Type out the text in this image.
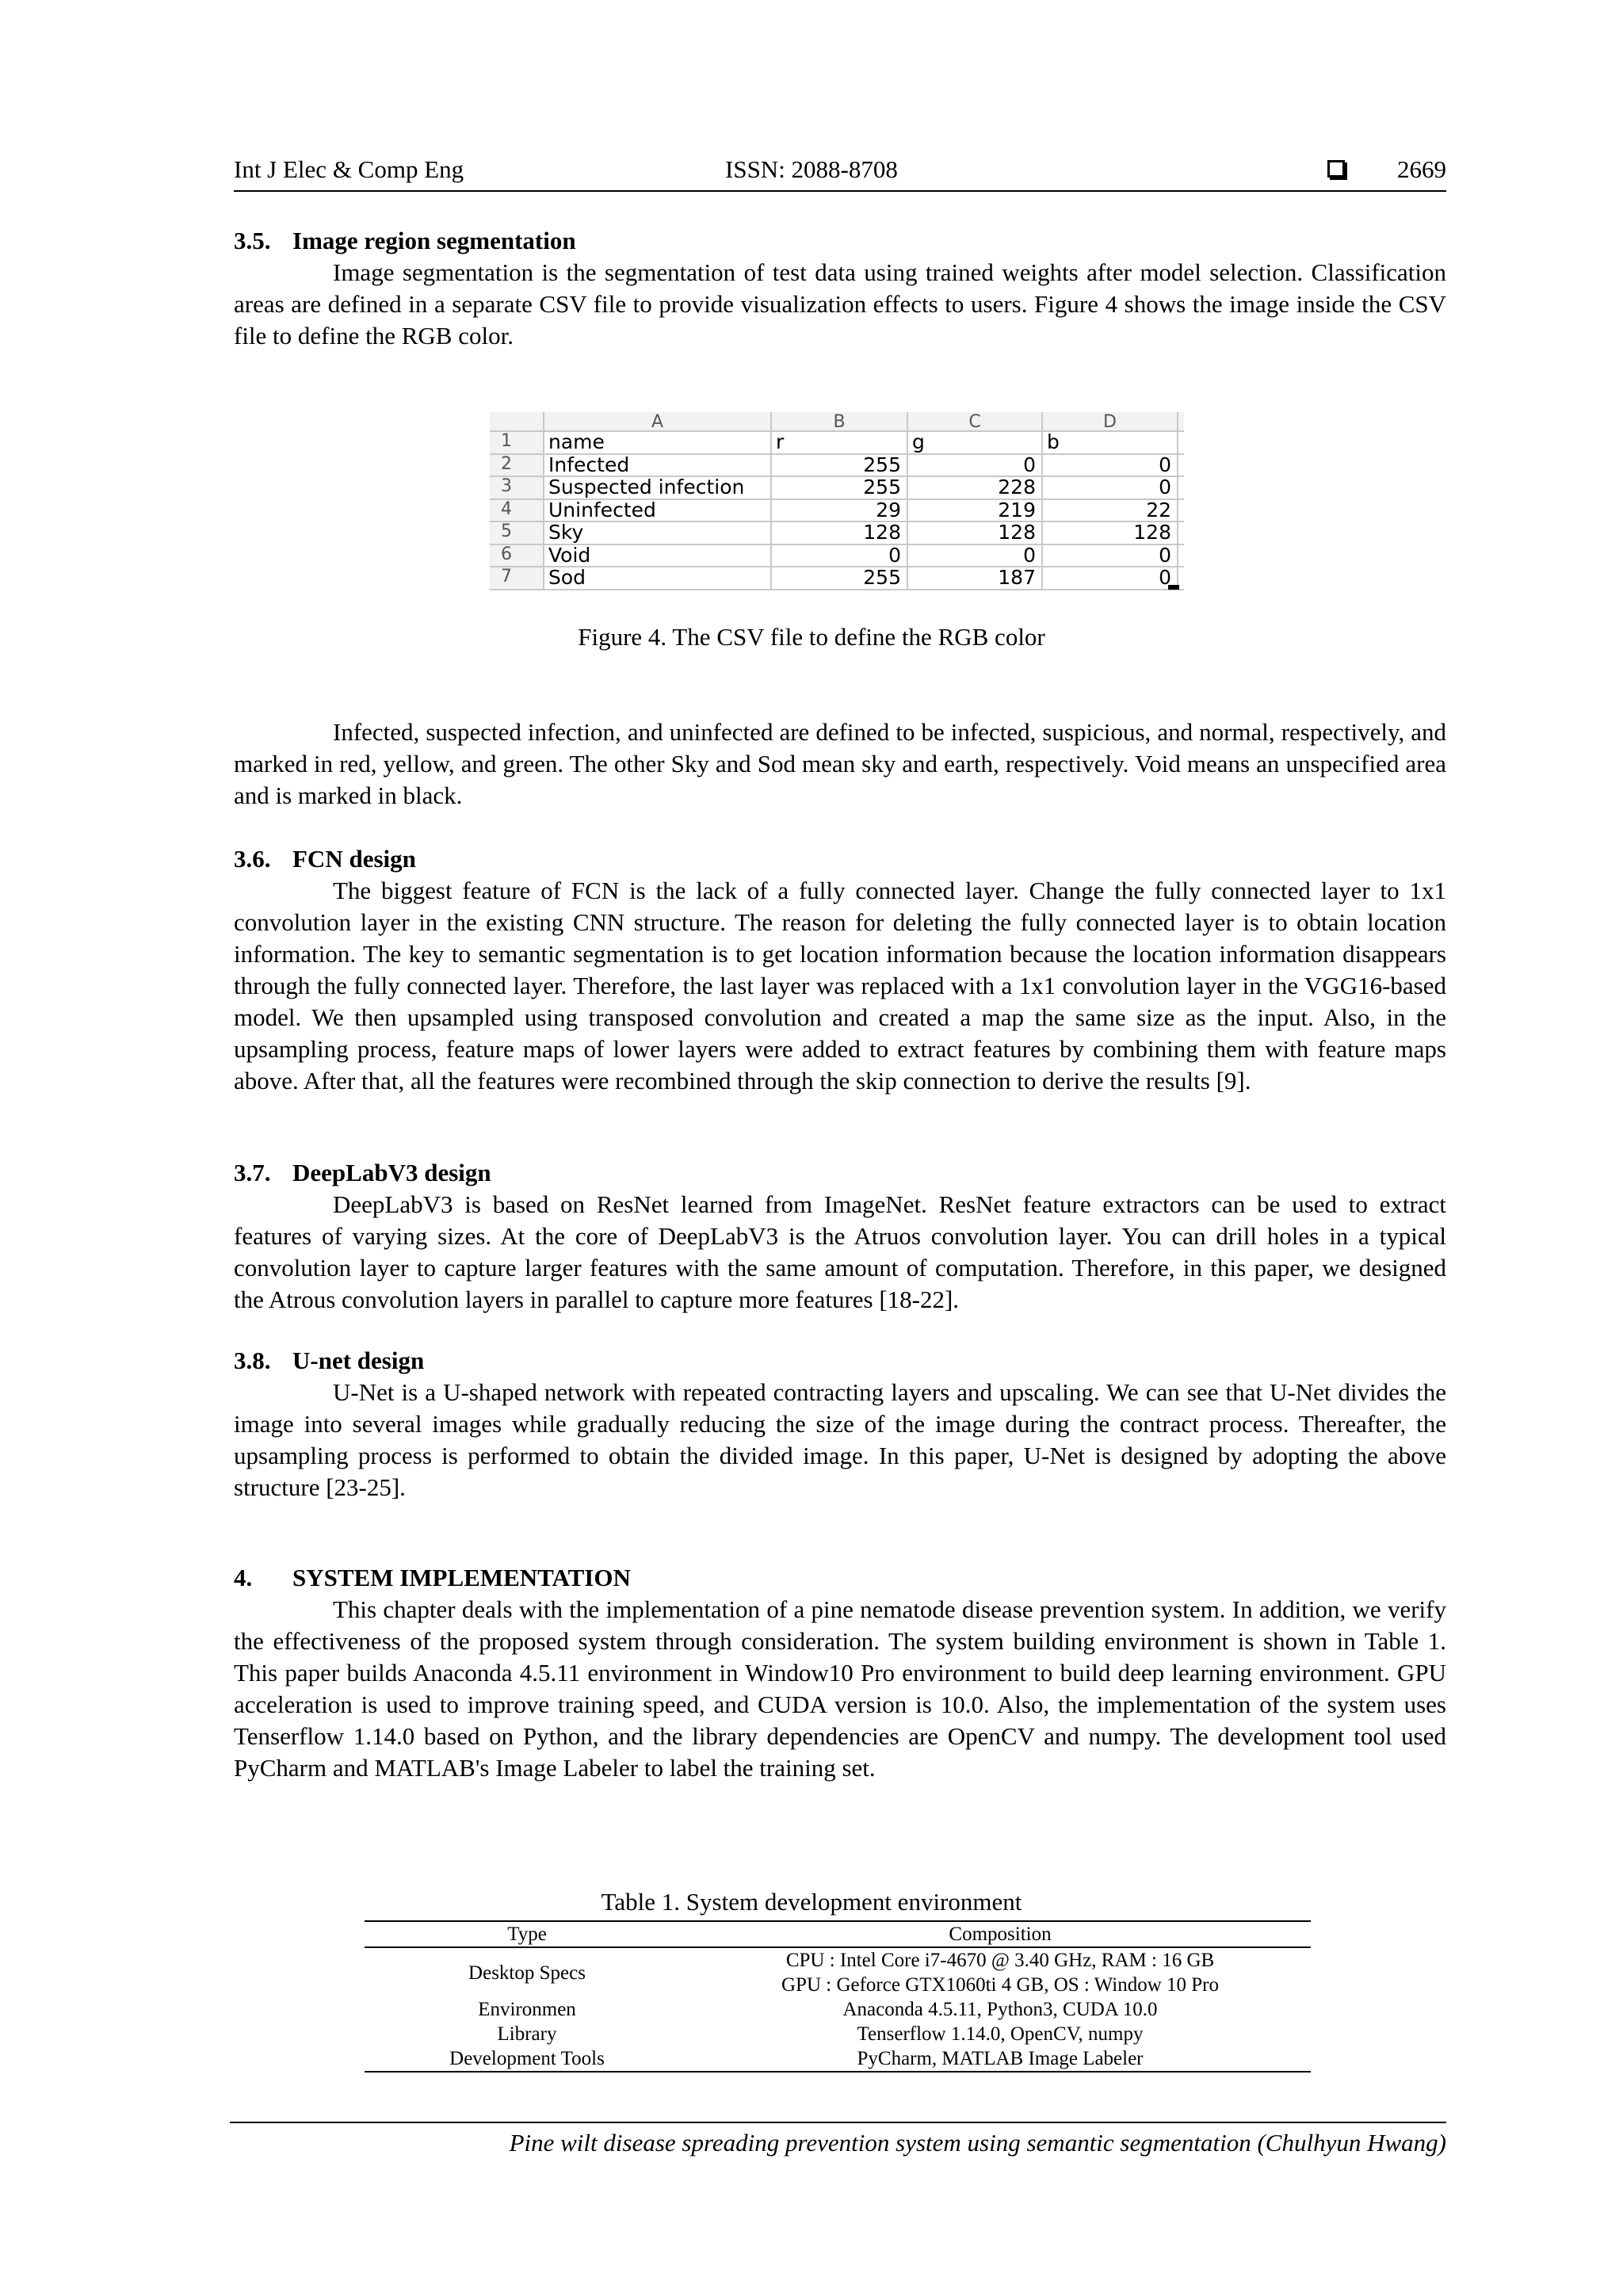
Int J Elec & Comp Eng	ISSN: 2088-8708	2669
3.5. Image region segmentation

Image segmentation is the segmentation of test data using trained weights after model selection. Classification areas are defined in a separate CSV file to provide visualization effects to users. Figure 4 shows the image inside the CSV file to define the RGB color.

A	B	C	D
1	name	r	g	b
2	Infected	255	0	0
3	Suspected infection	255	228	0
4	Uninfected	29	219	22
5	Sky	128	128	128
6	Void	0	0	0
7	Sod	255	187	0
Figure 4. The CSV file to define the RGB color

Infected, suspected infection, and uninfected are defined to be infected, suspicious, and normal, respectively, and marked in red, yellow, and green. The other Sky and Sod mean sky and earth, respectively. Void means an unspecified area and is marked in black.

3.6. FCN design

The biggest feature of FCN is the lack of a fully connected layer. Change the fully connected layer to 1x1 convolution layer in the existing CNN structure. The reason for deleting the fully connected layer is to obtain location information. The key to semantic segmentation is to get location information because the location information disappears through the fully connected layer. Therefore, the last layer was replaced with a 1x1 convolution layer in the VGG16-based model. We then upsampled using transposed convolution and created a map the same size as the input. Also, in the upsampling process, feature maps of lower layers were added to extract features by combining them with feature maps above. After that, all the features were recombined through the skip connection to derive the results [9].

3.7. DeepLabV3 design

DeepLabV3 is based on ResNet learned from ImageNet. ResNet feature extractors can be used to extract features of varying sizes. At the core of DeepLabV3 is the Atruos convolution layer. You can drill holes in a typical convolution layer to capture larger features with the same amount of computation. Therefore, in this paper, we designed the Atrous convolution layers in parallel to capture more features [18-22].

3.8. U-net design

U-Net is a U-shaped network with repeated contracting layers and upscaling. We can see that U-Net divides the image into several images while gradually reducing the size of the image during the contract process. Thereafter, the upsampling process is performed to obtain the divided image. In this paper, U-Net is designed by adopting the above structure [23-25].

4. SYSTEM IMPLEMENTATION

This chapter deals with the implementation of a pine nematode disease prevention system. In addition, we verify the effectiveness of the proposed system through consideration. The system building environment is shown in Table 1. This paper builds Anaconda 4.5.11 environment in Window10 Pro environment to build deep learning environment. GPU acceleration is used to improve training speed, and CUDA version is 10.0. Also, the implementation of the system uses Tenserflow 1.14.0 based on Python, and the library dependencies are OpenCV and numpy. The development tool used PyCharm and MATLAB's Image Labeler to label the training set.

Table 1. System development environment
Type	Composition
Desktop Specs	CPU : Intel Core i7-4670 @ 3.40 GHz, RAM : 16 GB
GPU : Geforce GTX1060ti 4 GB, OS : Window 10 Pro

Environmen	Anaconda 4.5.11, Python3, CUDA 10.0
Library	Tenserflow 1.14.0, OpenCV, numpy
Development Tools	PyCharm, MATLAB Image Labeler
Pine wilt disease spreading prevention system using semantic segmentation (Chulhyun Hwang)
